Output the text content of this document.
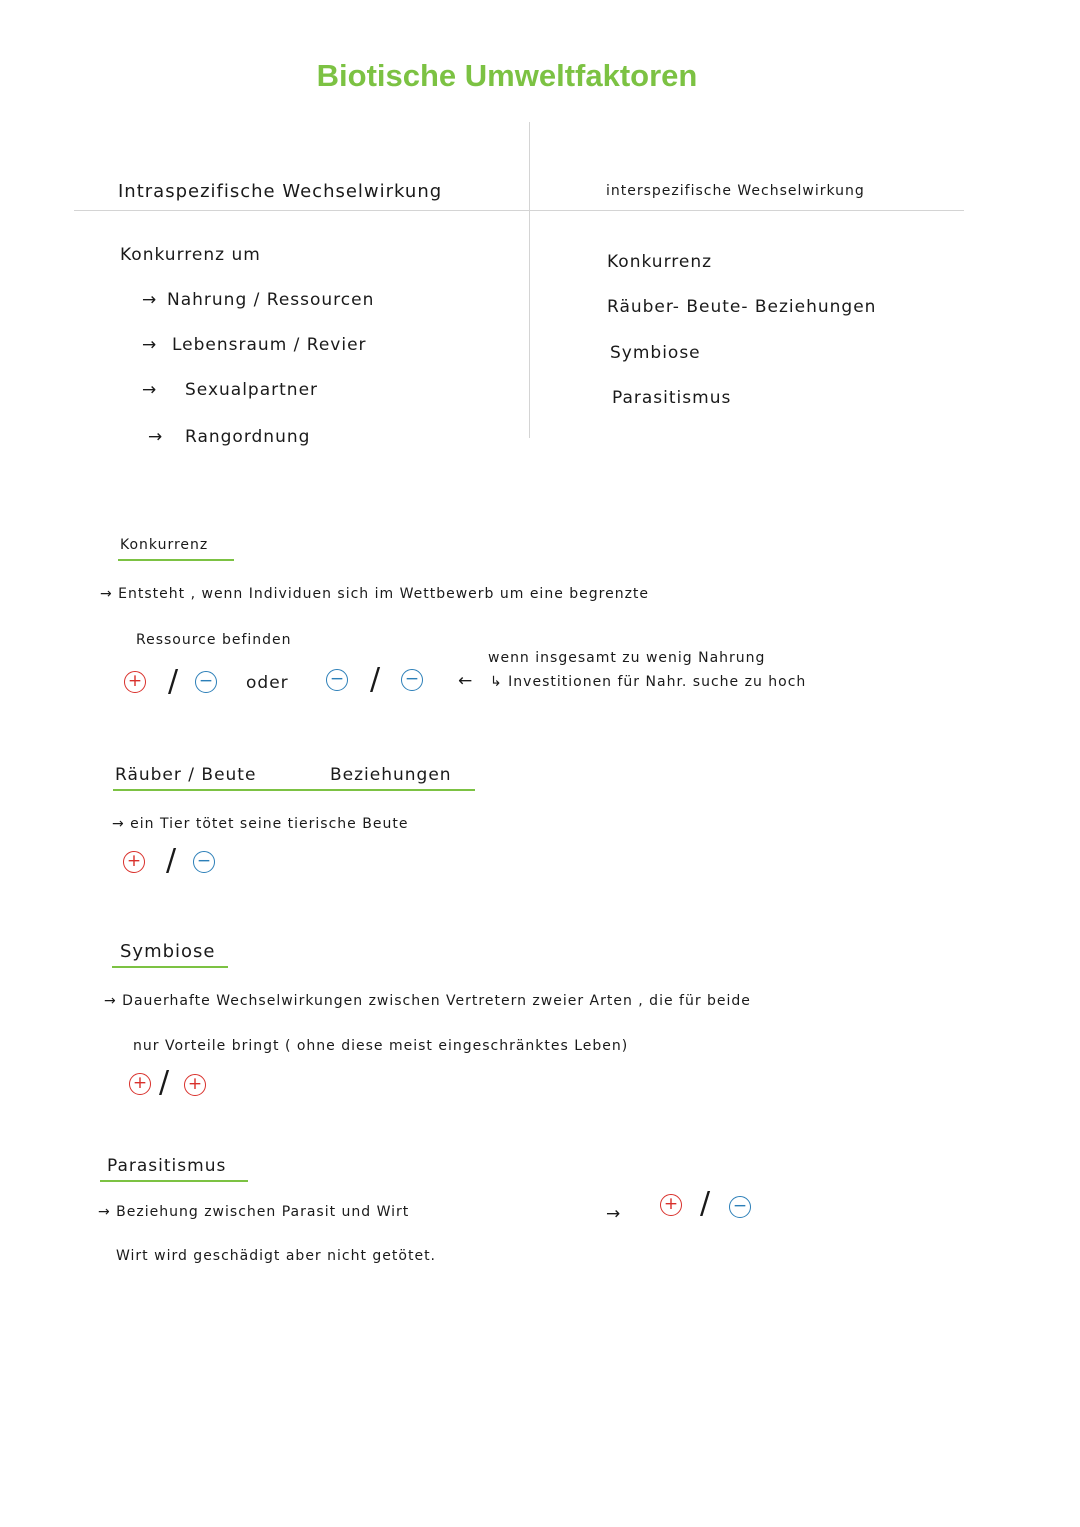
Biotische Umweltfaktoren
Intraspezifische Wechselwirkung
Konkurrenz um
→ Nahrung / Ressourcen
→ Lebensraum / Revier
→ Sexualpartner
→ Rangordnung
interspezifische Wechselwirkung
Konkurrenz
Räuber- Beute- Beziehungen
Symbiose
Parasitismus
Konkurrenz
→ Entsteht , wenn Individuen sich im Wettbewerb um eine begrenzte
Ressource befinden
+ / − oder − / − ←
wenn insgesamt zu wenig Nahrung
↳ Investitionen für Nahr. suche zu hoch
Räuber / Beute	Beziehungen
→ ein Tier tötet seine tierische Beute
+ / −
Symbiose
→ Dauerhafte Wechselwirkungen zwischen Vertretern zweier Arten , die für beide
nur Vorteile bringt ( ohne diese meist eingeschränktes Leben)
+ / +
Parasitismus
→ Beziehung zwischen Parasit und Wirt	→	+ / −
Wirt wird geschädigt aber nicht getötet.
